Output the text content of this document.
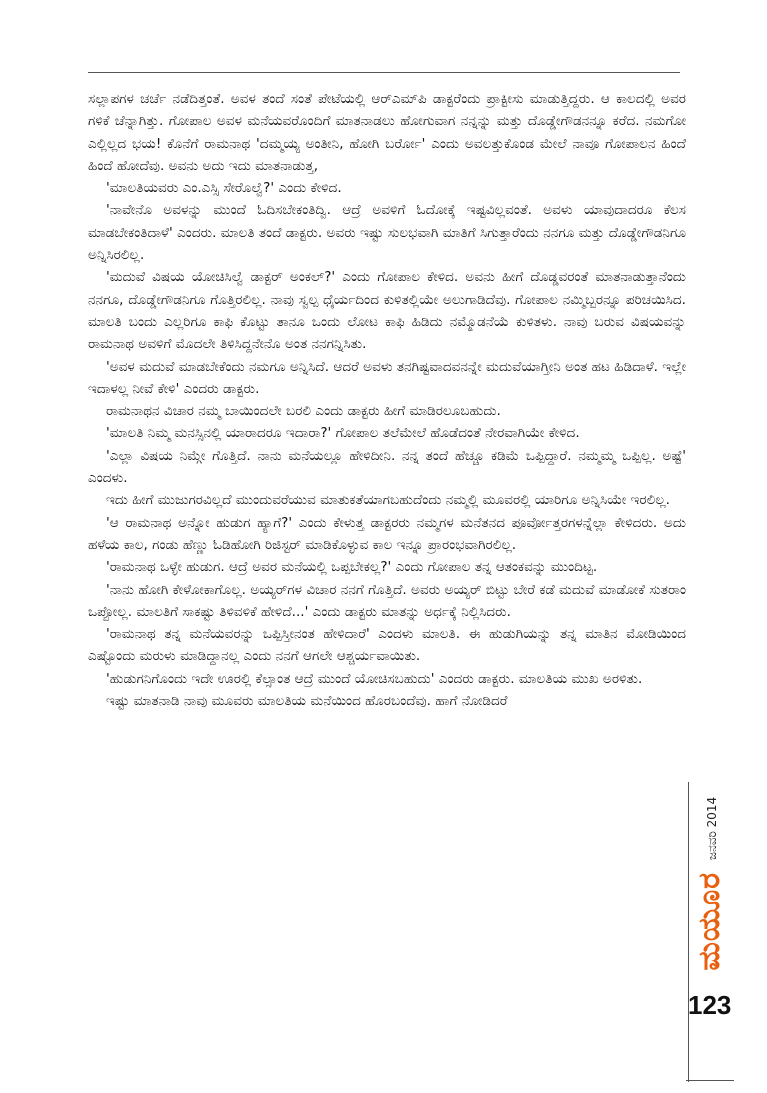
ಸಲ್ಲಾಪಗಳ ಚರ್ಚೆ ನಡೆದಿತ್ತಂತೆ. ಅವಳ ತಂದೆ ಸಂತೆ ಪೇಟೆಯಲ್ಲಿ ಆರ್‌ಎಮ್‌ಪಿ ಡಾಕ್ಟರೆಂದು ಪ್ರಾಕ್ಟೀಸು ಮಾಡುತ್ತಿದ್ದರು. ಆ ಕಾಲದಲ್ಲಿ ಅವರ ಗಳಿಕೆ ಚೆನ್ನಾಗಿತ್ತು. ಗೋಪಾಲ ಅವಳ ಮನೆಯವರೊಂದಿಗೆ ಮಾತನಾಡಲು ಹೋಗುವಾಗ ನನ್ನನ್ನು ಮತ್ತು ದೊಡ್ಡೇಗೌಡನನ್ನೂ ಕರೆದ. ನಮಗೋ ಎಲ್ಲಿಲ್ಲದ ಭಯ! ಕೊನೆಗೆ ರಾಮನಾಥ 'ದಮ್ಮಯ್ಯ ಅಂತೀನಿ, ಹೋಗಿ ಬರ್ರೋ' ಎಂದು ಅವಲತ್ತುಕೊಂಡ ಮೇಲೆ ನಾವೂ ಗೋಪಾಲನ ಹಿಂದೆ ಹಿಂದೆ ಹೋದೆವು. ಅವನು ಅದು ಇದು ಮಾತನಾಡುತ್ತ,

'ಮಾಲತಿಯವರು ಎಂ.ಎಸ್ಸಿ ಸೇರೊಲ್ವೆ?' ಎಂದು ಕೇಳಿದ.

'ನಾವೇನೊ ಅವಳನ್ನು ಮುಂದೆ ಓದಿಸಬೇಕಂತಿದ್ವಿ. ಆದ್ರೆ ಅವಳಿಗೆ ಓದೋಕ್ಕೆ ಇಷ್ಟವಿಲ್ಲವಂತೆ. ಅವಳು ಯಾವುದಾದರೂ ಕೆಲಸ ಮಾಡಬೇಕಂತಿದಾಳೆ' ಎಂದರು. ಮಾಲತಿ ತಂದೆ ಡಾಕ್ಟರು. ಅವರು ಇಷ್ಟು ಸುಲಭವಾಗಿ ಮಾತಿಗೆ ಸಿಗುತ್ತಾರೆಂದು ನನಗೂ ಮತ್ತು ದೊಡ್ಡೇಗೌಡನಿಗೂ ಅನ್ನಿಸಿರಲಿಲ್ಲ.

'ಮದುವೆ ವಿಷಯ ಯೋಚಿಸಿಲ್ವೆ ಡಾಕ್ಟರ್ ಅಂಕಲ್?' ಎಂದು ಗೋಪಾಲ ಕೇಳಿದ. ಅವನು ಹೀಗೆ ದೊಡ್ಡವರಂತೆ ಮಾತನಾಡುತ್ತಾನೆಂದು ನನಗೂ, ದೊಡ್ಡೇಗೌಡನಿಗೂ ಗೊತ್ತಿರಲಿಲ್ಲ. ನಾವು ಸ್ವಲ್ಪ ಧೈರ್ಯದಿಂದ ಕುಳಿತಲ್ಲಿಯೇ ಅಲುಗಾಡಿದೆವು. ಗೋಪಾಲ ನಮ್ಮಿಬ್ಬರನ್ನೂ ಪರಿಚಯಿಸಿದ. ಮಾಲತಿ ಬಂದು ಎಲ್ಲರಿಗೂ ಕಾಫಿ ಕೊಟ್ಟು ತಾನೂ ಒಂದು ಲೋಟ ಕಾಫಿ ಹಿಡಿದು ನಮ್ಮೊಡನೆಯೆ ಕುಳಿತಳು. ನಾವು ಬರುವ ವಿಷಯವನ್ನು ರಾಮನಾಥ ಅವಳಿಗೆ ಮೊದಲೇ ತಿಳಿಸಿದ್ದನೇನೊ ಅಂತ ನನಗನ್ನಿಸಿತು.

'ಅವಳ ಮದುವೆ ಮಾಡಬೇಕೆಂದು ನಮಗೂ ಅನ್ನಿಸಿದೆ. ಆದರೆ ಅವಳು ತನಗಿಷ್ಟವಾದವನನ್ನೇ ಮದುವೆಯಾಗ್ತೀನಿ ಅಂತ ಹಟ ಹಿಡಿದಾಳೆ. ಇಲ್ಲೇ ಇದಾಳಲ್ಲ ನೀವೆ ಕೇಳಿ' ಎಂದರು ಡಾಕ್ಟರು.

ರಾಮನಾಥನ ವಿಚಾರ ನಮ್ಮ ಬಾಯಿಂದಲೇ ಬರಲಿ ಎಂದು ಡಾಕ್ಟರು ಹೀಗೆ ಮಾಡಿರಲೂಬಹುದು.

'ಮಾಲತಿ ನಿಮ್ಮ ಮನಸ್ಸಿನಲ್ಲಿ ಯಾರಾದರೂ ಇದಾರಾ?' ಗೋಪಾಲ ತಲೆಮೇಲೆ ಹೊಡೆದಂತೆ ನೇರವಾಗಿಯೇ ಕೇಳಿದ.

'ಎಲ್ಲಾ ವಿಷಯ ನಿಮ್ಗೇ ಗೊತ್ತಿದೆ. ನಾನು ಮನೆಯಲ್ಲೂ ಹೇಳಿದೀನಿ. ನನ್ನ ತಂದೆ ಹೆಚ್ಚೂ ಕಡಿಮೆ ಒಪ್ಪಿದ್ದಾರೆ. ನಮ್ಮಮ್ಮ ಒಪ್ಪಿಲ್ಲ. ಅಷ್ಟೆ' ಎಂದಳು.

ಇದು ಹೀಗೆ ಮುಜುಗರವಿಲ್ಲದೆ ಮುಂದುವರೆಯುವ ಮಾತುಕತೆಯಾಗಬಹುದೆಂದು ನಮ್ಮಲ್ಲಿ ಮೂವರಲ್ಲಿ ಯಾರಿಗೂ ಅನ್ನಿಸಿಯೇ ಇರಲಿಲ್ಲ.

'ಆ ರಾಮನಾಥ ಅನ್ನೋ ಹುಡುಗ ಹ್ಯಾಗೆ?' ಎಂದು ಕೇಳುತ್ತ ಡಾಕ್ಟರರು ನಮ್ಮಗಳ ಮನೆತನದ ಪೂರ್ವೋತ್ತರಗಳನ್ನೆಲ್ಲಾ ಕೇಳಿದರು. ಅದು ಹಳೆಯ ಕಾಲ, ಗಂಡು ಹೆಣ್ಣು ಓಡಿಹೋಗಿ ರಿಜಿಸ್ಟರ್ ಮಾಡಿಕೊಳ್ಳುವ ಕಾಲ ಇನ್ನೂ ಪ್ರಾರಂಭವಾಗಿರಲಿಲ್ಲ.

'ರಾಮನಾಥ ಒಳ್ಳೇ ಹುಡುಗ. ಆದ್ರೆ ಅವರ ಮನೆಯಲ್ಲಿ ಒಪ್ಪಬೇಕಲ್ಲ?' ಎಂದು ಗೋಪಾಲ ತನ್ನ ಆತಂಕವನ್ನು ಮುಂದಿಟ್ಟ.

'ನಾನು ಹೋಗಿ ಕೇಳೋಕಾಗೊಲ್ಲ. ಅಯ್ಯರ್‌ಗಳ ವಿಚಾರ ನನಗೆ ಗೊತ್ತಿದೆ. ಅವರು ಅಯ್ಯರ್ ಬಿಟ್ಟು ಬೇರೆ ಕಡೆ ಮದುವೆ ಮಾಡೋಕೆ ಸುತರಾಂ ಒಪ್ಪೋಲ್ಲ. ಮಾಲತಿಗೆ ಸಾಕಷ್ಟು ತಿಳಿವಳಿಕೆ ಹೇಳಿದೆ...' ಎಂದು ಡಾಕ್ಟರು ಮಾತನ್ನು ಅರ್ಧಕ್ಕೆ ನಿಲ್ಲಿಸಿದರು.

'ರಾಮನಾಥ ತನ್ನ ಮನೆಯವರನ್ನು ಒಪ್ಪಿಸ್ತೀನಂತ ಹೇಳಿದಾರೆ' ಎಂದಳು ಮಾಲತಿ. ಈ ಹುಡುಗಿಯನ್ನು ತನ್ನ ಮಾತಿನ ಮೋಡಿಯಿಂದ ಎಷ್ಟೊಂದು ಮರುಳು ಮಾಡಿದ್ದಾನಲ್ಲ ಎಂದು ನನಗೆ ಆಗಲೇ ಆಶ್ಚರ್ಯವಾಯಿತು.

'ಹುಡುಗನಿಗೊಂದು ಇದೇ ಊರಲ್ಲಿ ಕೆಲ್ಸಾಂತ ಆದ್ರೆ ಮುಂದೆ ಯೋಚಿಸಬಹುದು' ಎಂದರು ಡಾಕ್ಟರು. ಮಾಲತಿಯ ಮುಖ ಅರಳಿತು.

ಇಷ್ಟು ಮಾತನಾಡಿ ನಾವು ಮೂವರು ಮಾಲತಿಯ ಮನೆಯಿಂದ ಹೊರಬಂದೆವು. ಹಾಗೆ ನೋಡಿದರೆ

ಜನವರಿ 2014
ಮಯೂರ
123
